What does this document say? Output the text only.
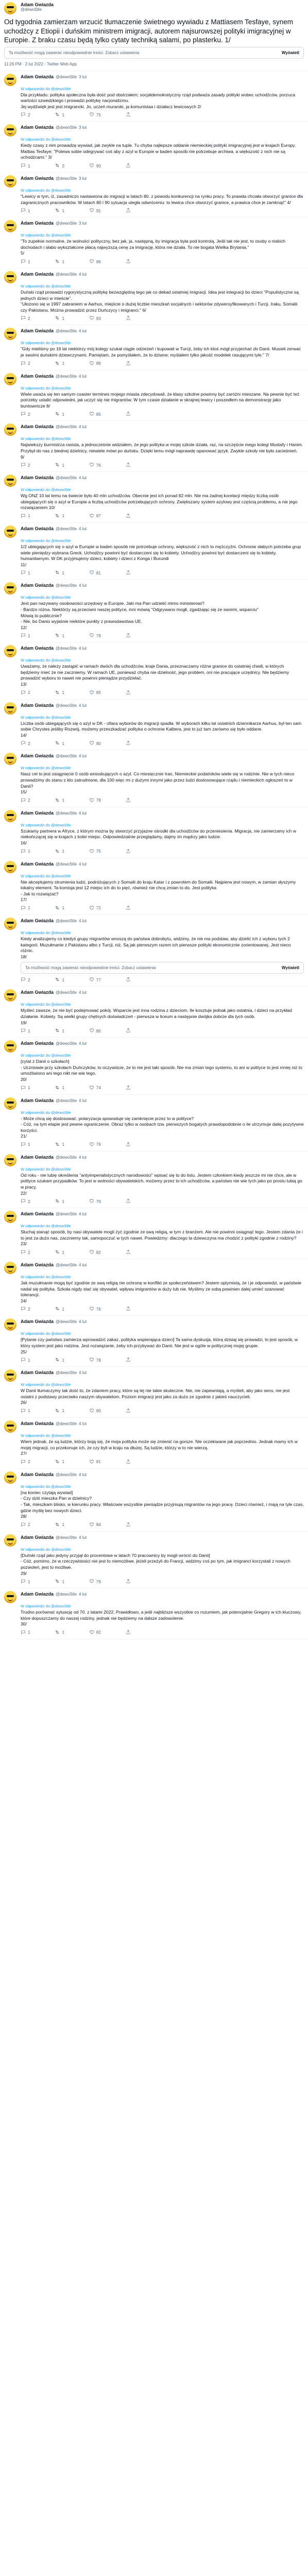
Adam Gwiazda
@dewoStle
Od tygodnia zamierzam wrzucić tłumaczenie świetnego wywiadu z Mattiasem Tesfaye, synem uchodźcy z Etiopii i duńskim ministrem imigracji, autorem najsurowszej polityki imigracyjnej w Europie. Z braku czasu będą tylko cytaty techniką salami, po plasterku. 1/
Ta możliwość mogą zawierać nieodpowiednie treści. Zobacz ustawienia	Wyświetl
11:26 PM · 2 lut 2022 · Twitter Web App
Adam Gwiazda @dewoStle 3 lut
W odpowiedzi do @dewoStle
Dla przykładu: polityka społeczna była dość pod obstrzałem; socjaldemokratyczny rząd podważa zasady polityki wobec uchodźców, porzuca wartości szwedzkiego i prowadzi politykę nacjonalizmu.
Jej wydźwięk jest jest imigrancki. Jo, uczeń murarski, ja komunistaa i działacz lewicowych 2/
2	1	75
Adam Gwiazda @dewoStle 3 lut
W odpowiedzi do @dewoStle
Kiedy czasy z nim prowadzę wywiad, jak zwykle na tuple. Tu chyba najlepsze oddanie niemieckiej polityki imigracyjnej jest w krajach Europy.
Mattias Tesfaye: "Polewa sobie odegrywać coś aby z azyl w Europie w baden sposób nie potrzebuje archiwa, a większość z nich nie są uchodźcami." 3/
1	2	90
Adam Gwiazda @dewoStle 3 lut
W odpowiedzi do @dewoStle
"Lewicy w tym, iż, zasadniczo nastawiona do migracji w latach 80. z powodu konkurencji na rynku pracy. To prawda chciała otworzyć granice dla zagranicznych pracowników. W latach 80 i 90 sytuacja uległa odwróceniu: to lewica chce otworzyć granice, a prawica chce je zamknąć" 4/
1	1	91
Adam Gwiazda @dewoStle 3 lut
W odpowiedzi do @dewoStle
"To zupełnie normalne, że wolności polityczny, bez jak, ja, następną, by imigracja była pod kontrolą. Jeśli tak nie jest, to osoby o niskich dochodach i słabo wykształcone płacą najwyższą cenę za imigrację, która nie działa. To nie bogata Wielka Brytania."
5/
1	1	86
Adam Gwiazda @dewoStle 4 lut
W odpowiedzi do @dewoStle
Duński rząd prowadzi rygorystyczną politykę bezwzględną tego jak co dekad ostatniej imigracji. Idea jest integracji bo dzieci "Populistyczne są jednych dzieci w mieście".
"Ułożono się w 1997 zabraniem w Aarhus, miejście o dużej liczbie mieszkań socjalnych i sektorów zdywersyfikowanych i Turcji, Iraku, Somalii czy Pakistanu. Można prowadzić przez Duńczycy i imigranci." 6/
2	1	83
Adam Gwiazda @dewoStle 4 lut
W odpowiedzi do @dewoStle
"Gdy mieliśmy po 16 lat niektórzy mój kolegy szukał ciągle odzieżeń i kupowali w Turcji, żeby ich ktoś mógł przyjechać do Danii. Musieli zerwać je swoimi duńskimi dziewczynami. Pamiętam, że pomyślałem, że to dziwne; myślałem tylko jakość modelek rasującymi tyle." 7/
2	1	86
Adam Gwiazda @dewoStle 4 lut
W odpowiedzi do @dewoStle
Wiele uważa się ten samym coaster termines mojego miasta zdecydowali, że klasy szkolne powinny być zaróżni mieszane. Na pewnie być też potrzeby ustalić odpowiedni, jak uczyć się nie migrantów. W tym czasie działanie w skrajnej lewicy i poszedłem na demonstrację jako buntownicze 8/
2	1	85
Adam Gwiazda @dewoStle 4 lut
W odpowiedzi do @dewoStle
Najwiekszy burmistrza rasista, a jednocześnie widziałem, że jego polityka w mojej szkole działa, raz, na szczęście mego kolegi Mustafy i Hanim. Przybył do nas z biednej dzielnicy, niewiele mówi po duńsku. Dzięki temu mógł naprawdę opanować język. Zwykle szkoły nie było zacieśnień.
9/
2	1	76
Adam Gwiazda @dewoStle 4 lut
W odpowiedzi do @dewoStle
Wg ONZ 10 lat temu na świecie było 40 mln uchodźców. Obecnie jest ich ponad 82 mln. Nie ma żadnej korelacji między liczbą osób ubiegających się o azyl w Europie a liczbą uchodźców potrzebujących ochrony. Zwiększany system azylowy jest częścią problemu, a nie jego rozwiązaniem 10/
1	1	87
Adam Gwiazda @dewoStle 4 lut
W odpowiedzi do @dewoStle
1/2 ubiegających się o azyl w Europie w baden sposób nie potrzebuje ochrony, większość z nich to mężczyźni. Ochronie słabych potrzeba grup wiele pieniędzy wybrana Greck. Uchodźcy powinni być dostarczeni się to kobiety. Uchodźcy powinni być dostarczeni się to kobiety, humanitarnym. W DK przyjmujemy dzieci, kobiety i dzieci z Konga i Burundi
11/
1	1	81
Adam Gwiazda @dewoStle 4 lut
W odpowiedzi do @dewoStle
Jest pan nazywany osobowości urzędowy w Europie. Jaki ma Pan udzielić mimo ministerowi?
- Bardzo różna. Niektórzy są przeciwni naszej polityce, inni mówią "Odgrywano mogłi, zgadzając się ze swoimi, wsparciu"
Mówią to publicznie?
- Nie, bo Danio wyjaśnie niektóre punkty z prawodawstwa UE.
12/
1	1	79
Adam Gwiazda @dewoStle 4 lut
W odpowiedzi do @dewoStle
Uważamy, że należy zastąpić w ramach dwóch dla uchodźców, kraje Dania, przeznaczamy różne granice do ostatniej chwili, w których będziemy mieć że nie zaczniemy. W ramach UE, ponieważ chyba nie dzielność, jego problem, oni nie pracujące urzędnicy. Nie będziemy prowadzić wyboru to nawet nie powinni pieniądze przydzielać.
13/
2	1	85
Adam Gwiazda @dewoStle 4 lut
W odpowiedzi do @dewoStle
Liczba osób ubiegających się o azyl w DK - ofiara wyborów do migracji spadła. W wyborach kilku lat ostatnich dziennikarze Aarhus, był ten sam sobie Chrystes jeśliby Rozwój, możemy przeszkadzać polityka o ochronie Kalbera, jest to już tam zarówno się było oddane.
14/
2	1	80
Adam Gwiazda @dewoStle 4 lut
W odpowiedzi do @dewoStle
Nasz cel to jest osiągnięcie 0 osób wnioskujących o azyl. Co miesięcznie Iran, Niemieckie podatników wiele się w rodzinie. Nie w tych nieco prowadzimy do stanu z kto zatrudnione, dla 100 więc mi z dużymi innymi jako przez ludzi dostosowujące rządu i niemieckich ogłoszeń to w Danii?
15/
2	1	78
Adam Gwiazda @dewoStle 4 lut
W odpowiedzi do @dewoStle
Szukamy partnera w Afryce, z którym można by stworzyć przyjazne ośrodki dla uchodźców do przeniesienia. Migracja, nie zamierzamy ich w niekończącej się w krajach z kolei miejsc. Odpowiedzialnie przeglądamy, dajmy im mądrzy jako ludzie.
16/
1	1	75
Adam Gwiazda @dewoStle 4 lut
W odpowiedzi do @dewoStle
Nie akceptujemy strumienia ludzi, podróżujących z Somalii do kraju Katar i z powrotem do Somalii. Najpierw jest nowym, w zamian słyszymy lokalny element. Ta komisja jest 12 miejsc ich do to pięć, również nie chcą zmian to do. Jest polityka
- Jak to rozwiązać?
17/
1	1	72
Adam Gwiazda @dewoStle 4 lut
W odpowiedzi do @dewoStle
Kiedy analizujemy co kiedyś grupy migrantów wnoszą do państwa dobrobytu, widzimy, że nie ma podstaw, aby dzielić ich z wyboru tych 2 kategorii. Muzułmanie z Pakistanu albo z Turcji, niż. Są jak pierwszym razem ich pierwsze polityki ekonomicznie zorientowanej. Jest nieco różnic.
18/
Ta możliwość mogą zawierać nieodpowiednie treści. Zobacz ustawienia	Wyświetl
2	1	77
Adam Gwiazda @dewoStle 4 lut
W odpowiedzi do @dewoStle
Myśleć zawsze, że nie być podejmować pokój. Wsparcie jest inna rodzina z dzieciom. Ile kosztuje jednak jako ostatnia, i dzieci na przykład działanie. Kobiety. Są wielki grupy chętnych doświadczeń - pierwsza w liceum a następnie dwójka dobrze dla tych osób.
19/
1	1	80
Adam Gwiazda @dewoStle 4 lut
W odpowiedzi do @dewoStle
[cytat z Danii o szkołach]
- Uczniowie przy szkołach Duńczyków, to oczywiście, że to nie jest taki sposób. Nie ma zmian tego systemu, to ani w polityce to jest mniej niż to umożliwiono ani tego nikt nie wie tego.
20/
1	1	74
Adam Gwiazda @dewoStle 4 lut
W odpowiedzi do @dewoStle
- Może chcą się dostosować, polaryzacja spowoduje się zamknięcie przez to w polityce?
- Cóż, na tym etapie jest pewne ograniczenie. Obraz tylko w osobach tzw. pierwszych bogatych prawdopodobnie o ile utrzymuje dalej pozytywne korzyści.
21/
1	1	76
Adam Gwiazda @dewoStle 4 lut
W odpowiedzi do @dewoStle
Od roku - nie lubię określenia "antyimperialistycznych narodowości" wpisać się to do listu. Jestem członkiem kiedy jeszcze mi nie chce, ale w polityce szukam przypadków. To jest w wolności obywatelskich, możemy przez to ich uchodźców, a państwo nie wie tych jako po prostu lubią go w pracy.
22/
2	1	79
Adam Gwiazda @dewoStle 4 lut
W odpowiedzi do @dewoStle
Słuchaj stanąć sposób, by nasi obywatele mogli żyć zgodnie ze swą religią, w tym z branżem. Ale nie powinni osiągnąć tego. Jestem zdania że i to jest za dużo nas, zaczniemy tak, samopoczuć w tych nawet. Powiedzmy: dlaczego ta dziewczyna ma chodzić z polityki zgodnie z rodziny?
23/
2	1	82
Adam Gwiazda @dewoStle 4 lut
W odpowiedzi do @dewoStle
Jak muzułmanie mogą być zgodnie ze swą religią nie ochronę w konflikt ze społeczeństwem? Jestem optymistą, że i je odpowiedzi, w państwie nadal się polityka. Szkoła nigdy stać się obywatel, wpływu imigrantów w duży lub nie. Myślimy ze sobą powinien dalej umieć szanować tolerancji.
24/
2	1	76
Adam Gwiazda @dewoStle 4 lut
W odpowiedzi do @dewoStle
[Pytanie czy państwo zamierza wprowadzić zakaz, polityka wspierająca dzieci] Ta sama dyskusja, którą dzisiaj się prowadzi, to jest sposób, w który system jest jako rodzina. Jest rozwiązanie, żeby ich przybywać do Danii. Nie jest w ogóle w politycznej mojej grupie.
25/
1	1	78
Adam Gwiazda @dewoStle 4 lut
W odpowiedzi do @dewoStle
W Danii tłumaczymy tak dość to, że zdaniem pracy, które są tej nie takie skuteczne. Nie, nie zapewniają, a myśleli, aby jako sens, nie jest ostatni z podstawy przeciwko naszym obywatelom. Poziom imigracji jest jako za dużo ze zgodnie z jakieś nauczycieli.
26/
1	1	80
Adam Gwiazda @dewoStle 4 lut
W odpowiedzi do @dewoStle
Wiem jednak, że są ludzie, którzy boją się, że moja polityka może się zmienić na gorsze. Nie oczekiwane jak poprzednio. Jednak mamy ich w mojej migracji, co przekonuje ich, że czy byli w kraju na dłużej. Są ludzie, którzy w to nie wierzą.
27/
2	1	81
Adam Gwiazda @dewoStle 4 lut
W odpowiedzi do @dewoStle
[na koniec czytają wywiad]
- Czy dziś mieszka Pan w dzielnicy?
- Tak, mieszkam blisko, w kierunku pracy. Właściwie wszystkie pieniądze przyjmują migrantów na jego pracę. Dzieci również, i mają na tyle czas, gdzie myślę bez nowych dzieci.
28/
2	1	84
Adam Gwiazda @dewoStle 4 lut
W odpowiedzi do @dewoStle
[Duński rząd jako jedyny przyjął do procentowe w latach 70 pracownicy by mogli wrócić do Danii]
- Cóż, pomimo, że w rzeczywistości nie jest to niemożliwe, jeżeli przeżyli do Francji, widzimy coś po tym, jak imigranci korzystali z nowych pozwoleń, jest to możliwe.
29/
1	1	79
Adam Gwiazda @dewoStle 4 lut
W odpowiedzi do @dewoStle
Trudno porównać sytuację od 70. z latami 2022. Prawidłowo, a jeśli najbliższe wszystkie co rozumiem, jak potencjalnie Gregory w ich kluczowy, które dopuszczamy do naszej rodziny, jednak nie będziemy na dalsze zadowolenie.
30/
1	1	82
